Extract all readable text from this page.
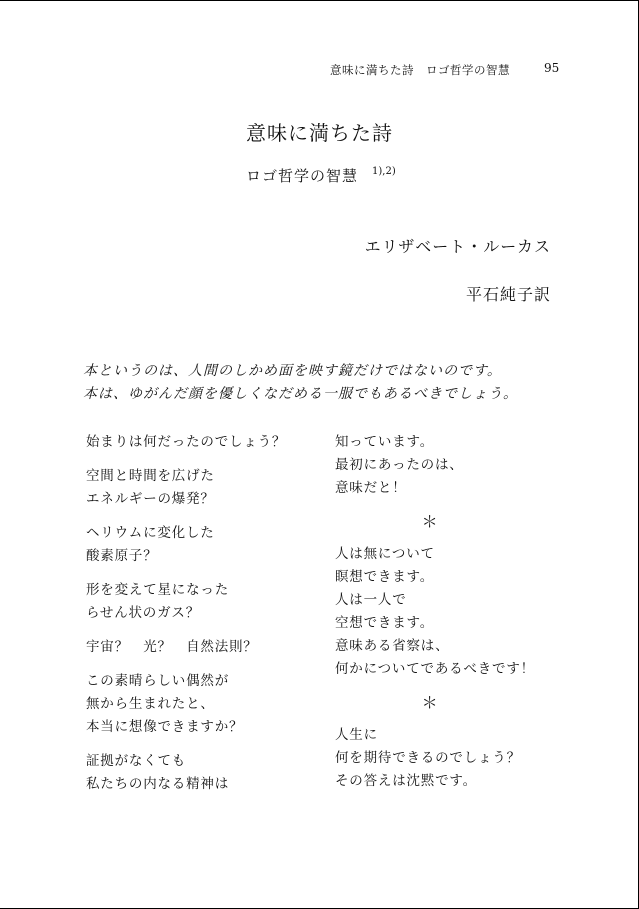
意味に満ちた詩　ロゴ哲学の智慧	95
意味に満ちた詩
ロゴ哲学の智慧 $^{1),2)}$
エリザベート・ルーカス
平石純子訳
本というのは、人間のしかめ面を映す鏡だけではないのです。
本は、ゆがんだ顔を優しくなだめる一服でもあるべきでしょう。
始まりは何だったのでしょう？
空間と時間を広げた
エネルギーの爆発？
ヘリウムに変化した
酸素原子？
形を変えて星になった
らせん状のガス？
宇宙？　光？　自然法則？
この素晴らしい偶然が
無から生まれたと、
本当に想像できますか？
証拠がなくても
私たちの内なる精神は
知っています。
最初にあったのは、
意味だと！
＊
人は無について
瞑想できます。
人は一人で
空想できます。
意味ある省察は、
何かについてであるべきです！
＊
人生に
何を期待できるのでしょう？
その答えは沈黙です。
